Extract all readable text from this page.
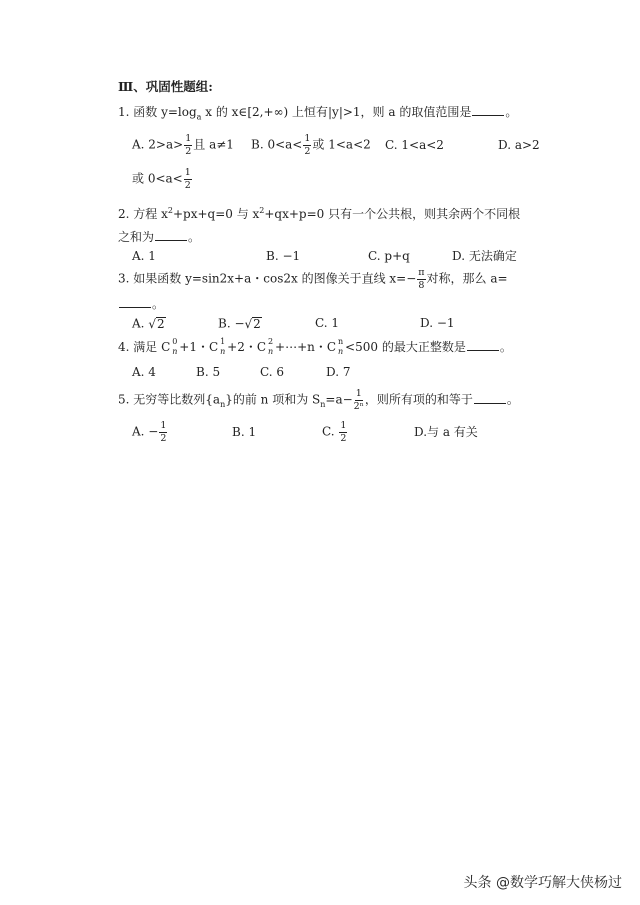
Ⅲ、巩固性题组:
1. 函数 $y=\log_a$ x 的 x∈[2,+∞) 上恒有|y|>1，则 a 的取值范围是	。
A. $2>a> \frac{1}{2}$ 且 a≠1 B. $0<a< \frac{1}{2}$ 或 1<a<2 C. 1<a<2	D. a>2
或 $0<a< \frac{1}{2}$
2. 方程 $x^2+px+q=0$ 与 $x^2+qx+p=0$ 只有一个公共根，则其余两个不同根
之和为	。
A. 1	B. −1	C. p+q	D. 无法确定
3. 如果函数 y=sin2x+a・cos2x 的图像关于直线 $x=- \frac{\pi}{8}$ 对称，那么 a=
。
A. √2	B. −√2	C. 1	D. −1
4. 满足 C 0
n +1・C 1
n +2・C 2
n +⋯+n・C n
n <500 的最大正整数是	。
A. 4	B. 5	C. 6	D. 7
5. 无穷等比数列$\{a_n\}$的前 n 项和为 $S_n=a- \frac{1}{\text{2ⁿ}}$ ，则所有项的和等于	。
A. − $\frac{1}{2}$	B. 1	C. $\frac{1}{2}$	D.与 a 有关
头条 @数学巧解大侠杨过
